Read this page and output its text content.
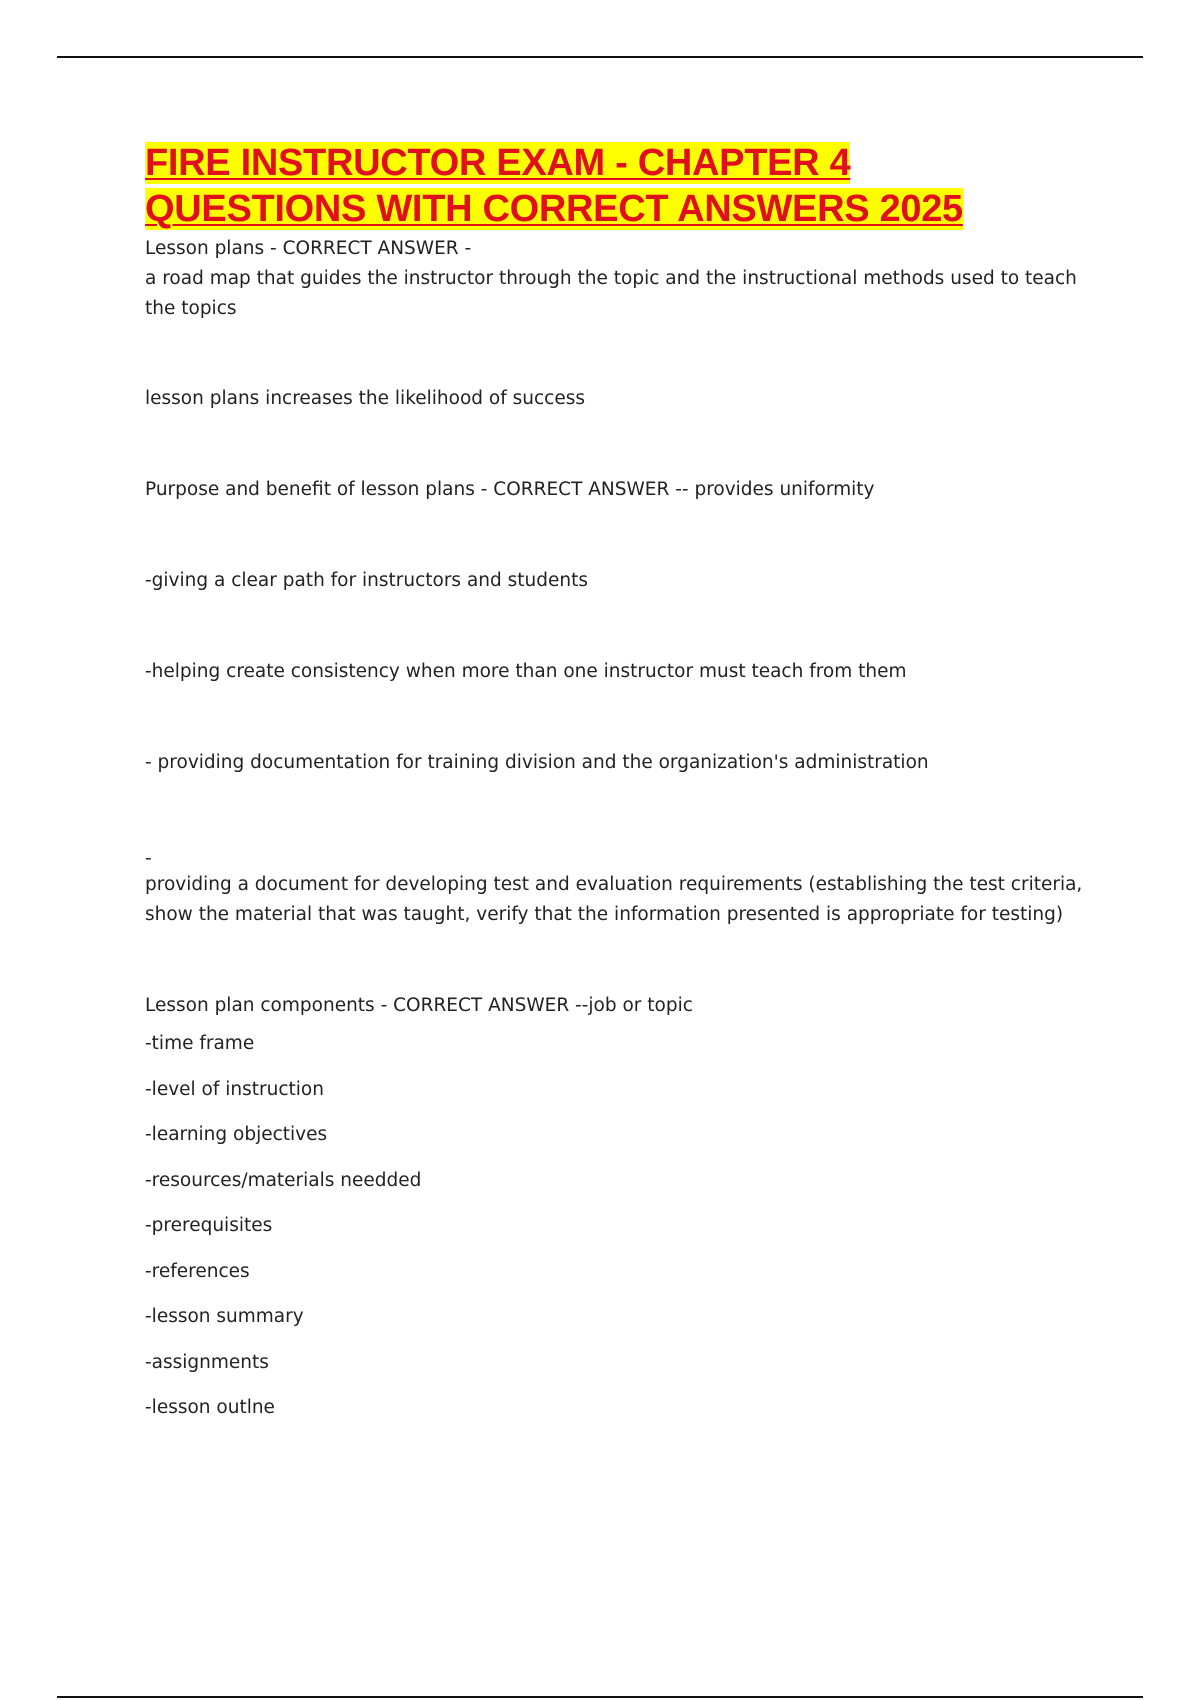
FIRE INSTRUCTOR EXAM - CHAPTER 4
QUESTIONS WITH CORRECT ANSWERS 2025

Lesson plans - CORRECT ANSWER -

a road map that guides the instructor through the topic and the instructional methods used to teach the topics

lesson plans increases the likelihood of success

Purpose and benefit of lesson plans - CORRECT ANSWER -- provides uniformity

-giving a clear path for instructors and students

-helping create consistency when more than one instructor must teach from them

- providing documentation for training division and the organization's administration

-

providing a document for developing test and evaluation requirements (establishing the test criteria, show the material that was taught, verify that the information presented is appropriate for testing)

Lesson plan components - CORRECT ANSWER --job or topic

-time frame

-level of instruction

-learning objectives

-resources/materials needded

-prerequisites

-references

-lesson summary

-assignments

-lesson outlne
